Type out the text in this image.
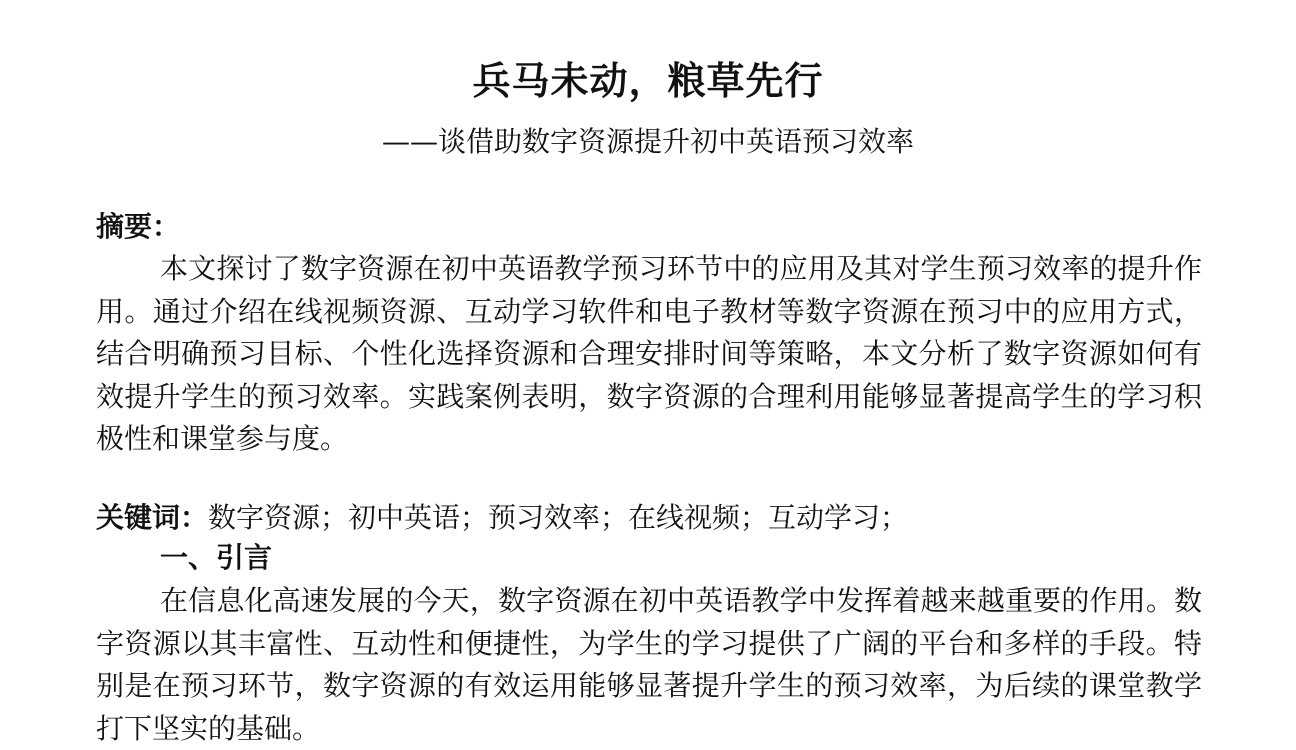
兵马未动，粮草先行
——谈借助数字资源提升初中英语预习效率
摘要：

本文探讨了数字资源在初中英语教学预习环节中的应用及其对学生预习效率的提升作用。通过介绍在线视频资源、互动学习软件和电子教材等数字资源在预习中的应用方式，结合明确预习目标、个性化选择资源和合理安排时间等策略，本文分析了数字资源如何有效提升学生的预习效率。实践案例表明，数字资源的合理利用能够显著提高学生的学习积极性和课堂参与度。

关键词：数字资源；初中英语；预习效率；在线视频；互动学习；
一、引言

在信息化高速发展的今天，数字资源在初中英语教学中发挥着越来越重要的作用。数字资源以其丰富性、互动性和便捷性，为学生的学习提供了广阔的平台和多样的手段。特别是在预习环节，数字资源的有效运用能够显著提升学生的预习效率，为后续的课堂教学打下坚实的基础。
